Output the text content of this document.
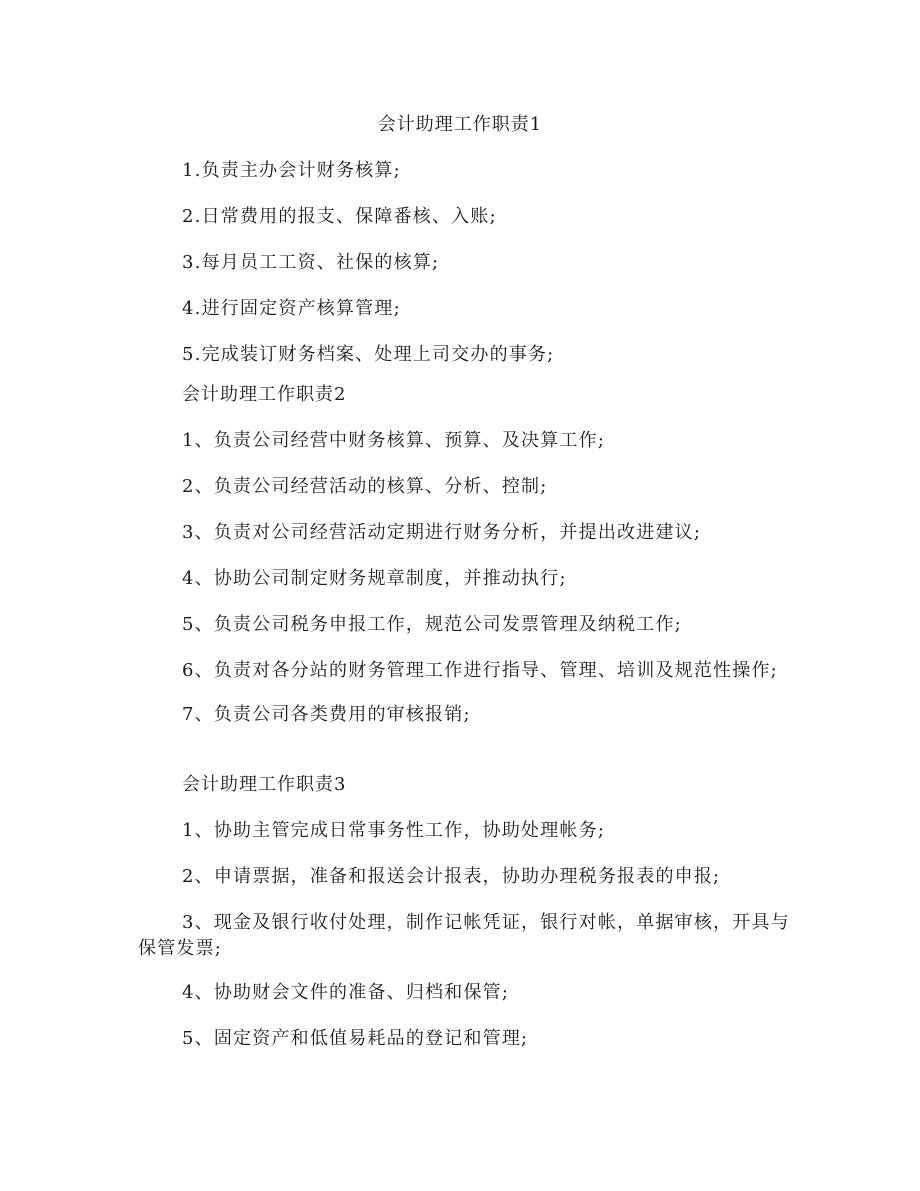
会计助理工作职责1

1.负责主办会计财务核算;

2.日常费用的报支、保障番核、入账;

3.每月员工工资、社保的核算;

4.进行固定资产核算管理;

5.完成装订财务档案、处理上司交办的事务;

会计助理工作职责2

1、负责公司经营中财务核算、预算、及决算工作;

2、负责公司经营活动的核算、分析、控制;

3、负责对公司经营活动定期进行财务分析，并提出改进建议;

4、协助公司制定财务规章制度，并推动执行;

5、负责公司税务申报工作，规范公司发票管理及纳税工作;

6、负责对各分站的财务管理工作进行指导、管理、培训及规范性操作;

7、负责公司各类费用的审核报销;

会计助理工作职责3

1、协助主管完成日常事务性工作，协助处理帐务;

2、申请票据，准备和报送会计报表，协助办理税务报表的申报;

3、现金及银行收付处理，制作记帐凭证，银行对帐，单据审核，开具与保管发票;

4、协助财会文件的准备、归档和保管;

5、固定资产和低值易耗品的登记和管理;
